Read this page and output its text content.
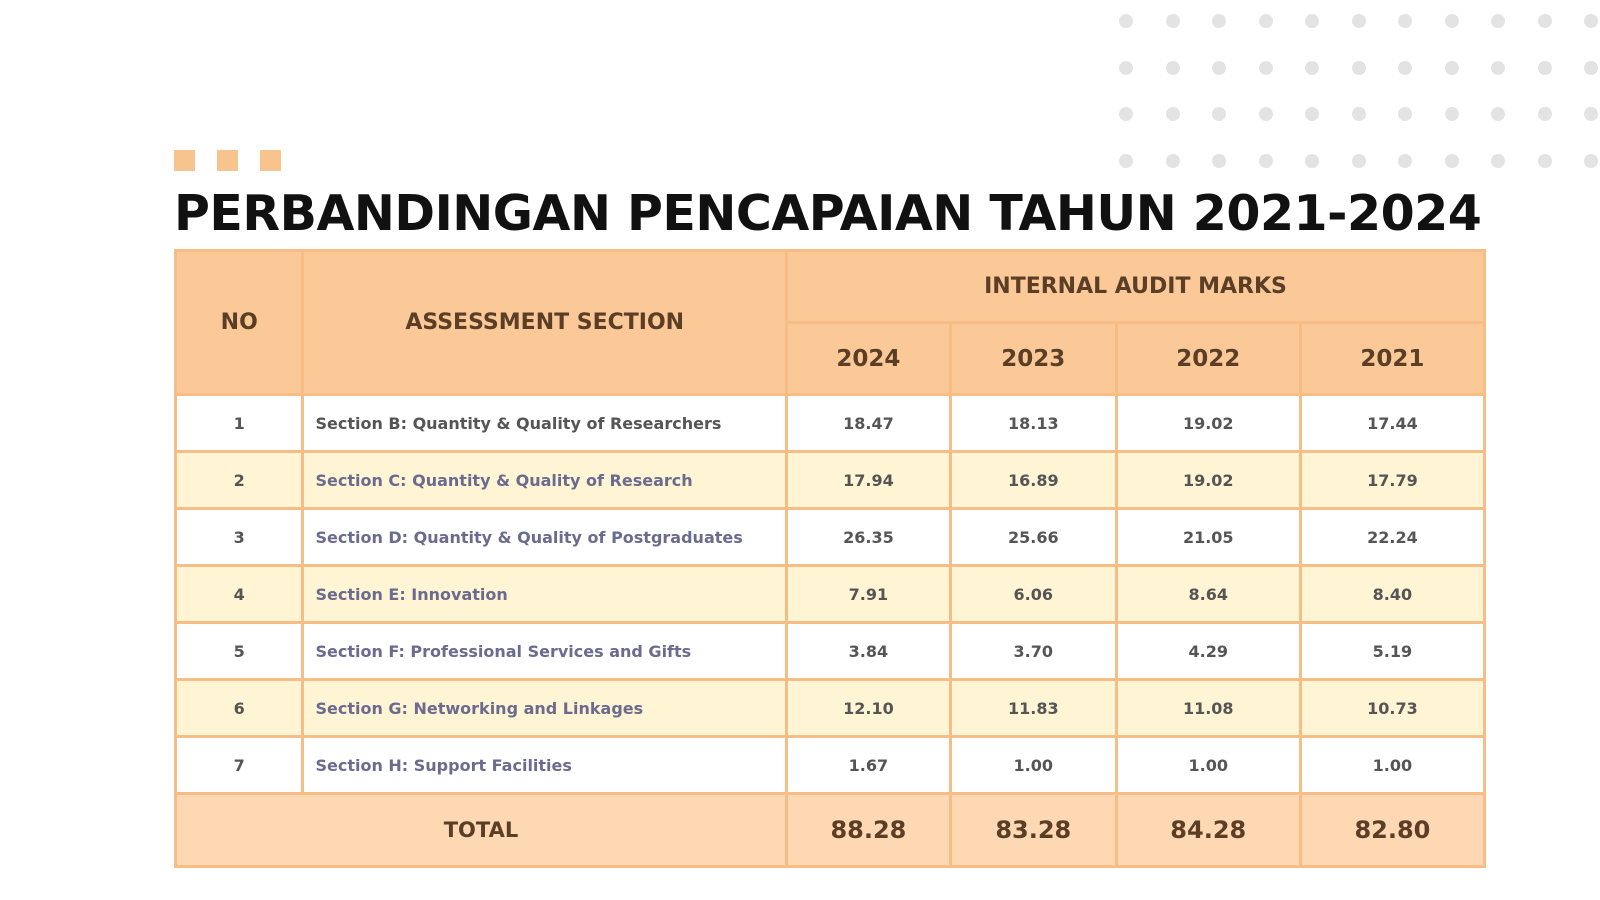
PERBANDINGAN PENCAPAIAN TAHUN 2021-2024
NO	ASSESSMENT SECTION	INTERNAL AUDIT MARKS			
		2024	2023	2022	2021
1	Section B: Quantity & Quality of Researchers	18.47	18.13	19.02	17.44
2	Section C: Quantity & Quality of Research	17.94	16.89	19.02	17.79
3	Section D: Quantity & Quality of Postgraduates	26.35	25.66	21.05	22.24
4	Section E: Innovation	7.91	6.06	8.64	8.40
5	Section F: Professional Services and Gifts	3.84	3.70	4.29	5.19
6	Section G: Networking and Linkages	12.10	11.83	11.08	10.73
7	Section H: Support Facilities	1.67	1.00	1.00	1.00
TOTAL		88.28	83.28	84.28	82.80
